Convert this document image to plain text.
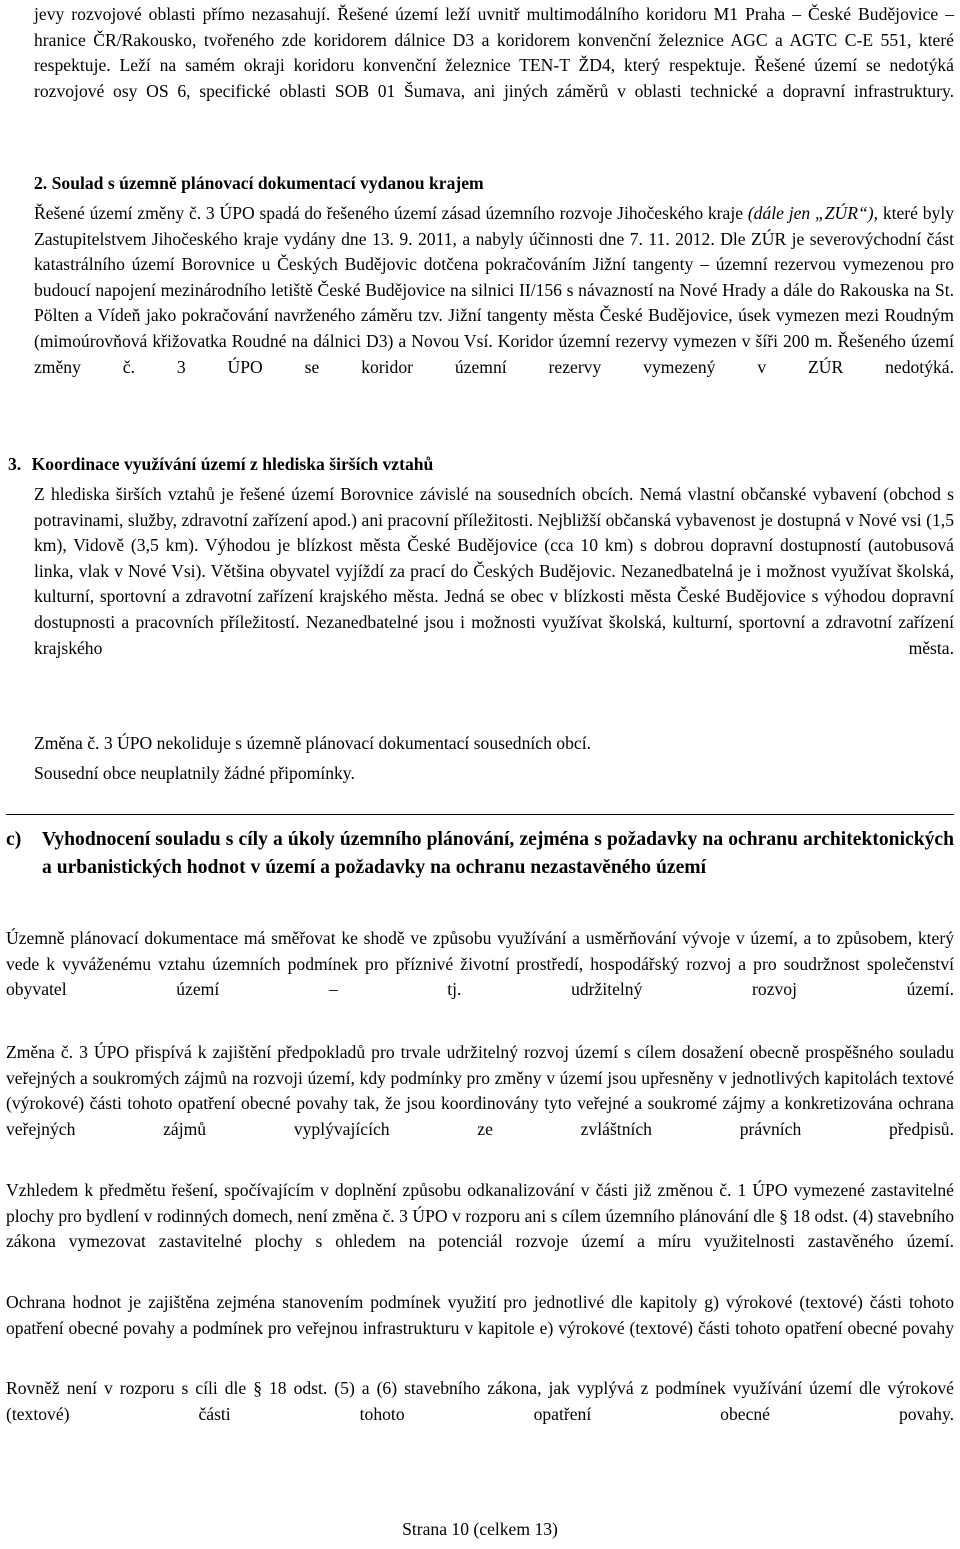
jevy rozvojové oblasti přímo nezasahují. Řešené území leží uvnitř multimodálního koridoru M1 Praha – České Budějovice – hranice ČR/Rakousko, tvořeného zde koridorem dálnice D3 a koridorem konvenční železnice AGC a AGTC C-E 551, které respektuje. Leží na samém okraji koridoru konvenční železnice TEN-T ŽD4, který respektuje. Řešené území se nedotýká rozvojové osy OS 6, specifické oblasti SOB 01 Šumava, ani jiných záměrů v oblasti technické a dopravní infrastruktury.

2. Soulad s územně plánovací dokumentací vydanou krajem

Řešené území změny č. 3 ÚPO spadá do řešeného území zásad územního rozvoje Jihočeského kraje (dále jen „ZÚR“), které byly Zastupitelstvem Jihočeského kraje vydány dne 13. 9. 2011, a nabyly účinnosti dne 7. 11. 2012. Dle ZÚR je severovýchodní část katastrálního území Borovnice u Českých Budějovic dotčena pokračováním Jižní tangenty – územní rezervou vymezenou pro budoucí napojení mezinárodního letiště České Budějovice na silnici II/156 s návazností na Nové Hrady a dále do Rakouska na St. Pölten a Vídeň jako pokračování navrženého záměru tzv. Jižní tangenty města České Budějovice, úsek vymezen mezi Roudným (mimoúrovňová křižovatka Roudné na dálnici D3) a Novou Vsí. Koridor územní rezervy vymezen v šíři 200 m. Řešeného území změny č. 3 ÚPO se koridor územní rezervy vymezený v ZÚR nedotýká.

3. Koordinace využívání území z hlediska širších vztahů

Z hlediska širších vztahů je řešené území Borovnice závislé na sousedních obcích. Nemá vlastní občanské vybavení (obchod s potravinami, služby, zdravotní zařízení apod.) ani pracovní příležitosti. Nejbližší občanská vybavenost je dostupná v Nové vsi (1,5 km), Vidově (3,5 km). Výhodou je blízkost města České Budějovice (cca 10 km) s dobrou dopravní dostupností (autobusová linka, vlak v Nové Vsi). Většina obyvatel vyjíždí za prací do Českých Budějovic. Nezanedbatelná je i možnost využívat školská, kulturní, sportovní a zdravotní zařízení krajského města. Jedná se obec v blízkosti města České Budějovice s výhodou dopravní dostupnosti a pracovních příležitostí. Nezanedbatelné jsou i možnosti využívat školská, kulturní, sportovní a zdravotní zařízení krajského města.

Změna č. 3 ÚPO nekoliduje s územně plánovací dokumentací sousedních obcí.

Sousední obce neuplatnily žádné připomínky.

c) Vyhodnocení souladu s cíly a úkoly územního plánování, zejména s požadavky na ochranu architektonických a urbanistických hodnot v území a požadavky na ochranu nezastavěného území

Územně plánovací dokumentace má směřovat ke shodě ve způsobu využívání a usměrňování vývoje v území, a to způsobem, který vede k vyváženému vztahu územních podmínek pro příznivé životní prostředí, hospodářský rozvoj a pro soudržnost společenství obyvatel území – tj. udržitelný rozvoj území.

Změna č. 3 ÚPO přispívá k zajištění předpokladů pro trvale udržitelný rozvoj území s cílem dosažení obecně prospěšného souladu veřejných a soukromých zájmů na rozvoji území, kdy podmínky pro změny v území jsou upřesněny v jednotlivých kapitolách textové (výrokové) části tohoto opatření obecné povahy tak, že jsou koordinovány tyto veřejné a soukromé zájmy a konkretizována ochrana veřejných zájmů vyplývajících ze zvláštních právních předpisů.

Vzhledem k předmětu řešení, spočívajícím v doplnění způsobu odkanalizování v části již změnou č. 1 ÚPO vymezené zastavitelné plochy pro bydlení v rodinných domech, není změna č. 3 ÚPO v rozporu ani s cílem územního plánování dle § 18 odst. (4) stavebního zákona vymezovat zastavitelné plochy s ohledem na potenciál rozvoje území a míru využitelnosti zastavěného území.

Ochrana hodnot je zajištěna zejména stanovením podmínek využití pro jednotlivé dle kapitoly g) výrokové (textové) části tohoto opatření obecné povahy a podmínek pro veřejnou infrastrukturu v kapitole e) výrokové (textové) části tohoto opatření obecné povahy

Rovněž není v rozporu s cíli dle § 18 odst. (5) a (6) stavebního zákona, jak vyplývá z podmínek využívání území dle výrokové (textové) části tohoto opatření obecné povahy.

Strana 10 (celkem 13)
